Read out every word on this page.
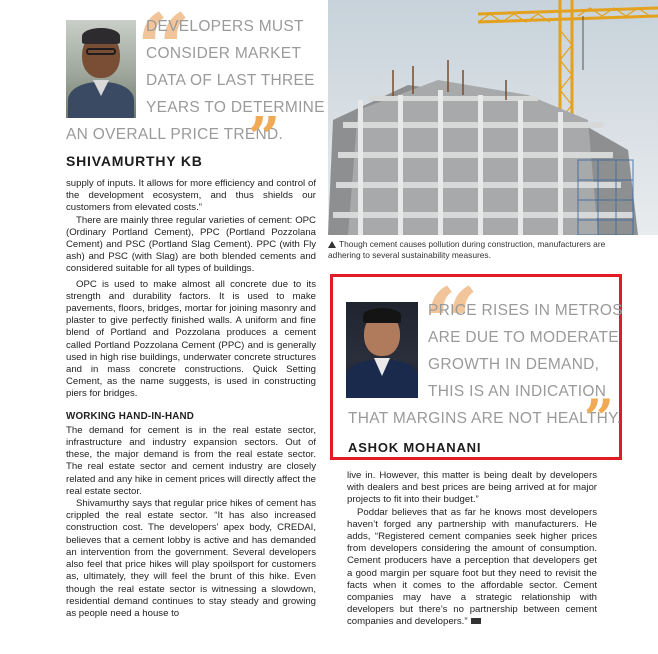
“
DEVELOPERS MUST
CONSIDER MARKET
DATA OF LAST THREE
YEARS TO DETERMINE
AN OVERALL PRICE TREND.
”
SHIVAMURTHY KB

supply of inputs. It allows for more efficiency and control of the development ecosystem, and thus shields our customers from elevated costs.”

There are mainly three regular varieties of cement: OPC (Ordinary Portland Cement), PPC (Portland Pozzolana Cement) and PSC (Portland Slag Cement). PPC (with Fly ash) and PSC (with Slag) are both blended cements and considered suitable for all types of buildings.

OPC is used to make almost all concrete due to its strength and durability factors. It is used to make pavements, floors, bridges, mortar for joining masonry and plaster to give perfectly finished walls. A uniform and fine blend of Portland and Pozzolana produces a cement called Portland Pozzolana Cement (PPC) and is generally used in high rise buildings, underwater concrete structures and in mass concrete constructions. Quick Setting Cement, as the name suggests, is used in constructing piers for bridges.

WORKING HAND-IN-HAND

The demand for cement is in the real estate sector, infrastructure and industry expansion sectors. Out of these, the major demand is from the real estate sector. The real estate sector and cement industry are closely related and any hike in cement prices will directly affect the real estate sector.

Shivamurthy says that regular price hikes of cement has crippled the real estate sector. “It has also increased construction cost. The developers’ apex body, CREDAI, believes that a cement lobby is active and has demanded an intervention from the government. Several developers also feel that price hikes will play spoilsport for customers as, ultimately, they will feel the brunt of this hike. Even though the real estate sector is witnessing a slowdown, residential demand continues to stay steady and growing as people need a house to

Though cement causes pollution during construction, manufacturers are adhering to several sustainability measures.
“
PRICE RISES IN METROS
ARE DUE TO MODERATE
GROWTH IN DEMAND,
THIS IS AN INDICATION
THAT MARGINS ARE NOT HEALTHY.
”
ASHOK MOHANANI

live in. However, this matter is being dealt by developers with dealers and best prices are being arrived at for major projects to fit into their budget.”

Poddar believes that as far he knows most developers haven’t forged any partnership with manufacturers. He adds, “Registered cement companies seek higher prices from developers considering the amount of consumption. Cement producers have a perception that developers get a good margin per square foot but they need to revisit the facts when it comes to the affordable sector. Cement companies may have a strategic relationship with developers but there’s no partnership between cement companies and developers.”
